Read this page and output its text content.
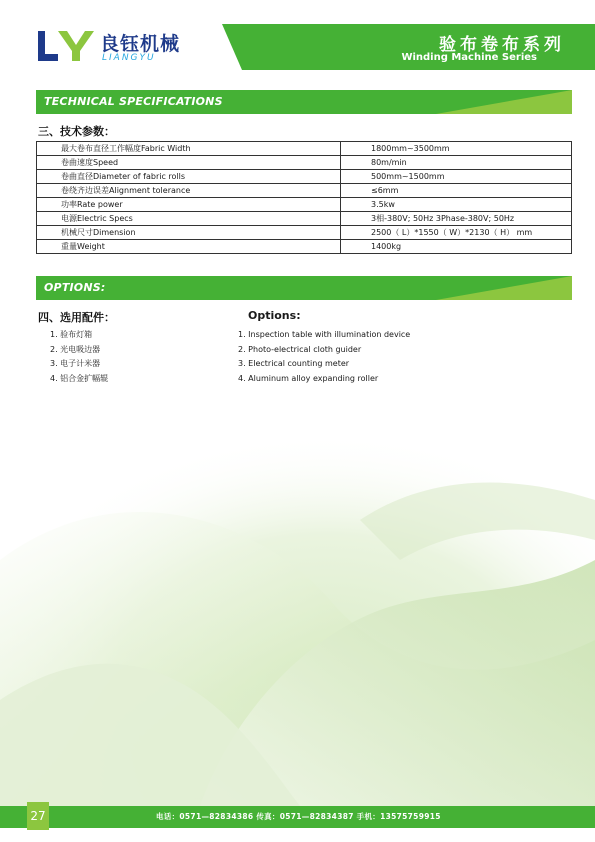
良钰机械
LIANGYU
验布卷布系列
Winding Machine Series
TECHNICAL SPECIFICATIONS
三、技术参数：
最大卷布直径工作幅度Fabric Width	1800mm~3500mm
卷曲速度Speed	80m/min
卷曲直径Diameter of fabric rolls	500mm~1500mm
卷绕齐边误差Alignment tolerance	≤6mm
功率Rate power	3.5kw
电源Electric Specs	3相-380V; 50Hz 3Phase-380V; 50Hz
机械尺寸Dimension	2500（ L）*1550（ W）*2130（ H） mm
重量Weight	1400kg
OPTIONS:
四、选用配件：	Options:
1. 验布灯箱
2. 光电吸边器
3. 电子计米器
4. 铝合金扩幅辊
1. Inspection table with illumination device
2. Photo-electrical cloth guider
3. Electrical counting meter
4. Aluminum alloy expanding roller
27	电话：0571—82834386 传真：0571—82834387 手机：13575759915
